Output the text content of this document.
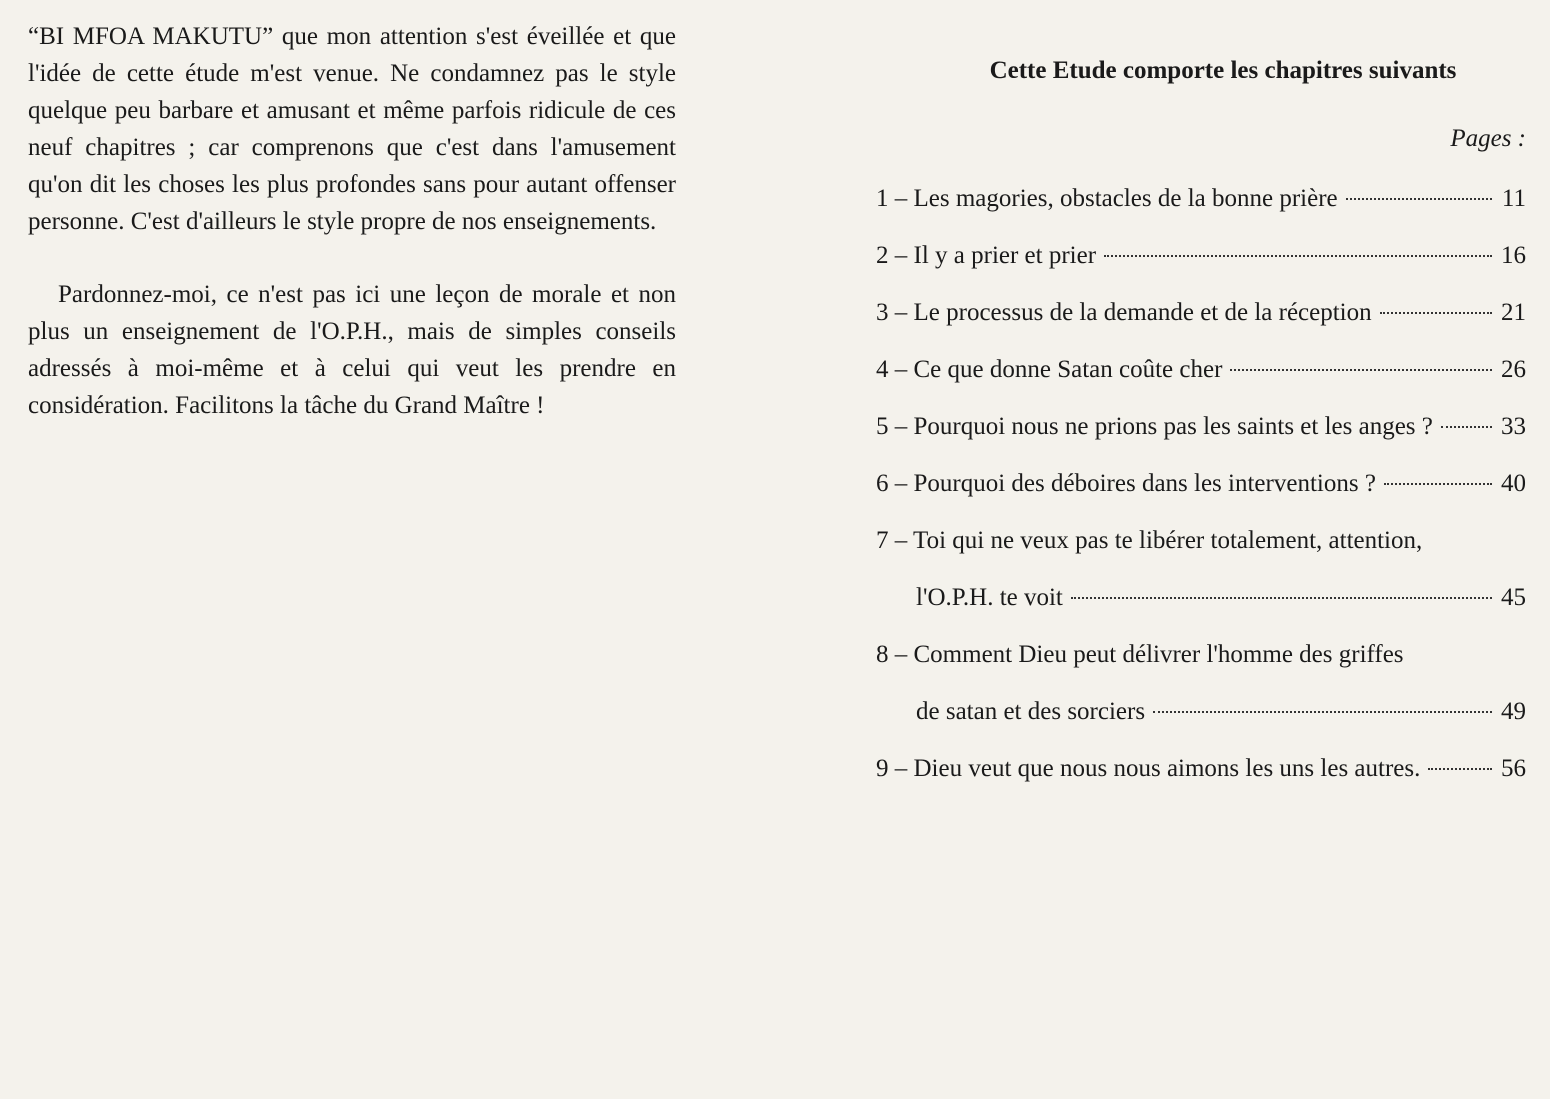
“BI MFOA MAKUTU” que mon attention s'est éveillée et que l'idée de cette étude m'est venue. Ne condamnez pas le style quelque peu barbare et amusant et même parfois ridicule de ces neuf chapitres ; car comprenons que c'est dans l'amusement qu'on dit les choses les plus profondes sans pour autant offenser personne. C'est d'ailleurs le style propre de nos enseignements.

Pardonnez-moi, ce n'est pas ici une leçon de morale et non plus un enseignement de l'O.P.H., mais de simples conseils adressés à moi-même et à celui qui veut les prendre en considération. Facilitons la tâche du Grand Maître !

Cette Etude comporte les chapitres suivants
Pages :
1 – Les magories, obstacles de la bonne prière	11
2 – Il y a prier et prier	16
3 – Le processus de la demande et de la réception	21
4 – Ce que donne Satan coûte cher	26
5 – Pourquoi nous ne prions pas les saints et les anges ?	33
6 – Pourquoi des déboires dans les interventions ?	40
7 – Toi qui ne veux pas te libérer totalement, attention,
l'O.P.H. te voit	45
8 – Comment Dieu peut délivrer l'homme des griffes
de satan et des sorciers	49
9 – Dieu veut que nous nous aimons les uns les autres.	56
